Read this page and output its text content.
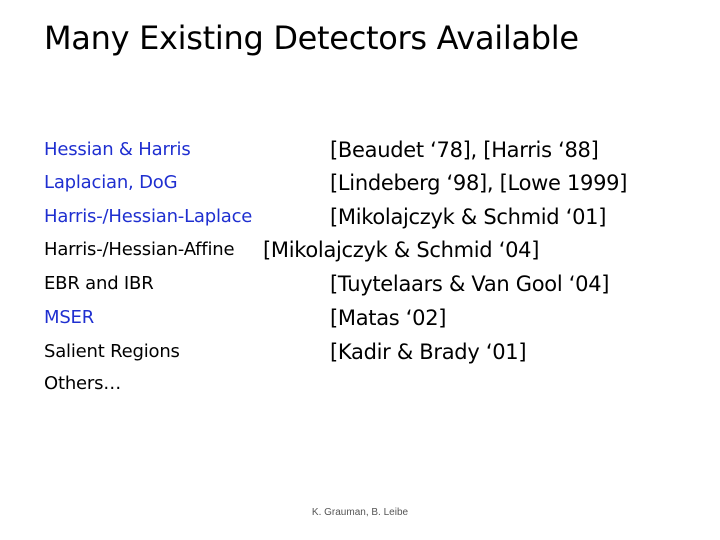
Many Existing Detectors Available
Hessian & Harris	[Beaudet ‘78], [Harris ‘88]
Laplacian, DoG	[Lindeberg ‘98], [Lowe 1999]
Harris-/Hessian-Laplace	[Mikolajczyk & Schmid ‘01]
Harris-/Hessian-Affine [Mikolajczyk & Schmid ‘04]
EBR and IBR	[Tuytelaars & Van Gool ‘04]
MSER	[Matas ‘02]
Salient Regions	[Kadir & Brady ‘01]
Others…
K. Grauman, B. Leibe
